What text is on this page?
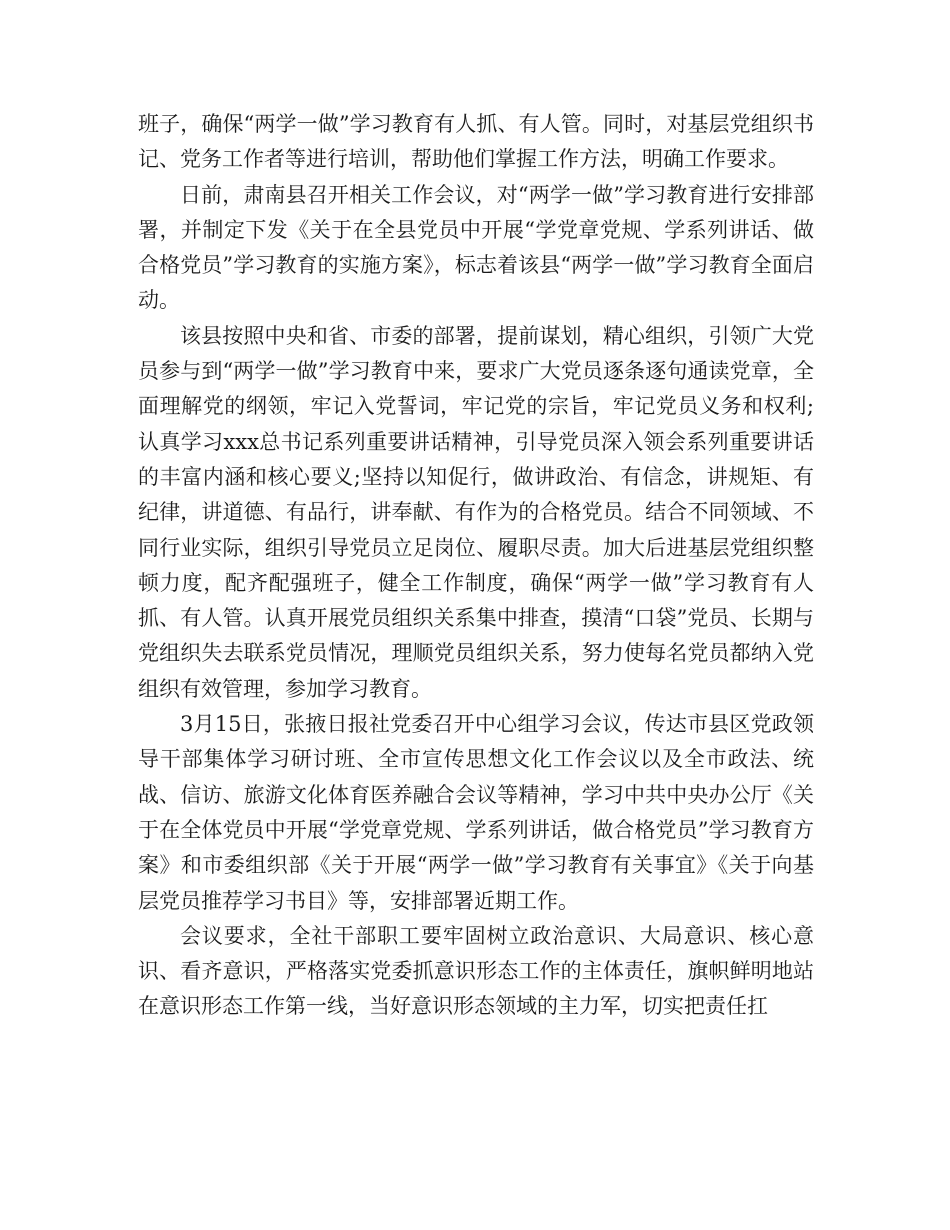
班子，确保“两学一做”学习教育有人抓、有人管。同时，对基层党组织书记、党务工作者等进行培训，帮助他们掌握工作方法，明确工作要求。

日前，肃南县召开相关工作会议，对“两学一做”学习教育进行安排部署，并制定下发《关于在全县党员中开展“学党章党规、学系列讲话、做合格党员”学习教育的实施方案》，标志着该县“两学一做”学习教育全面启动。

该县按照中央和省、市委的部署，提前谋划，精心组织，引领广大党员参与到“两学一做”学习教育中来，要求广大党员逐条逐句通读党章，全面理解党的纲领，牢记入党誓词，牢记党的宗旨，牢记党员义务和权利;认真学习xxx总书记系列重要讲话精神，引导党员深入领会系列重要讲话的丰富内涵和核心要义;坚持以知促行，做讲政治、有信念，讲规矩、有纪律，讲道德、有品行，讲奉献、有作为的合格党员。结合不同领域、不同行业实际，组织引导党员立足岗位、履职尽责。加大后进基层党组织整顿力度，配齐配强班子，健全工作制度，确保“两学一做”学习教育有人抓、有人管。认真开展党员组织关系集中排查，摸清“口袋”党员、长期与党组织失去联系党员情况，理顺党员组织关系，努力使每名党员都纳入党组织有效管理，参加学习教育。

3月15日，张掖日报社党委召开中心组学习会议，传达市县区党政领导干部集体学习研讨班、全市宣传思想文化工作会议以及全市政法、统战、信访、旅游文化体育医养融合会议等精神，学习中共中央办公厅《关于在全体党员中开展“学党章党规、学系列讲话，做合格党员”学习教育方案》和市委组织部《关于开展“两学一做”学习教育有关事宜》《关于向基层党员推荐学习书目》等，安排部署近期工作。

会议要求，全社干部职工要牢固树立政治意识、大局意识、核心意识、看齐意识，严格落实党委抓意识形态工作的主体责任，旗帜鲜明地站在意识形态工作第一线，当好意识形态领域的主力军，切实把责任扛
